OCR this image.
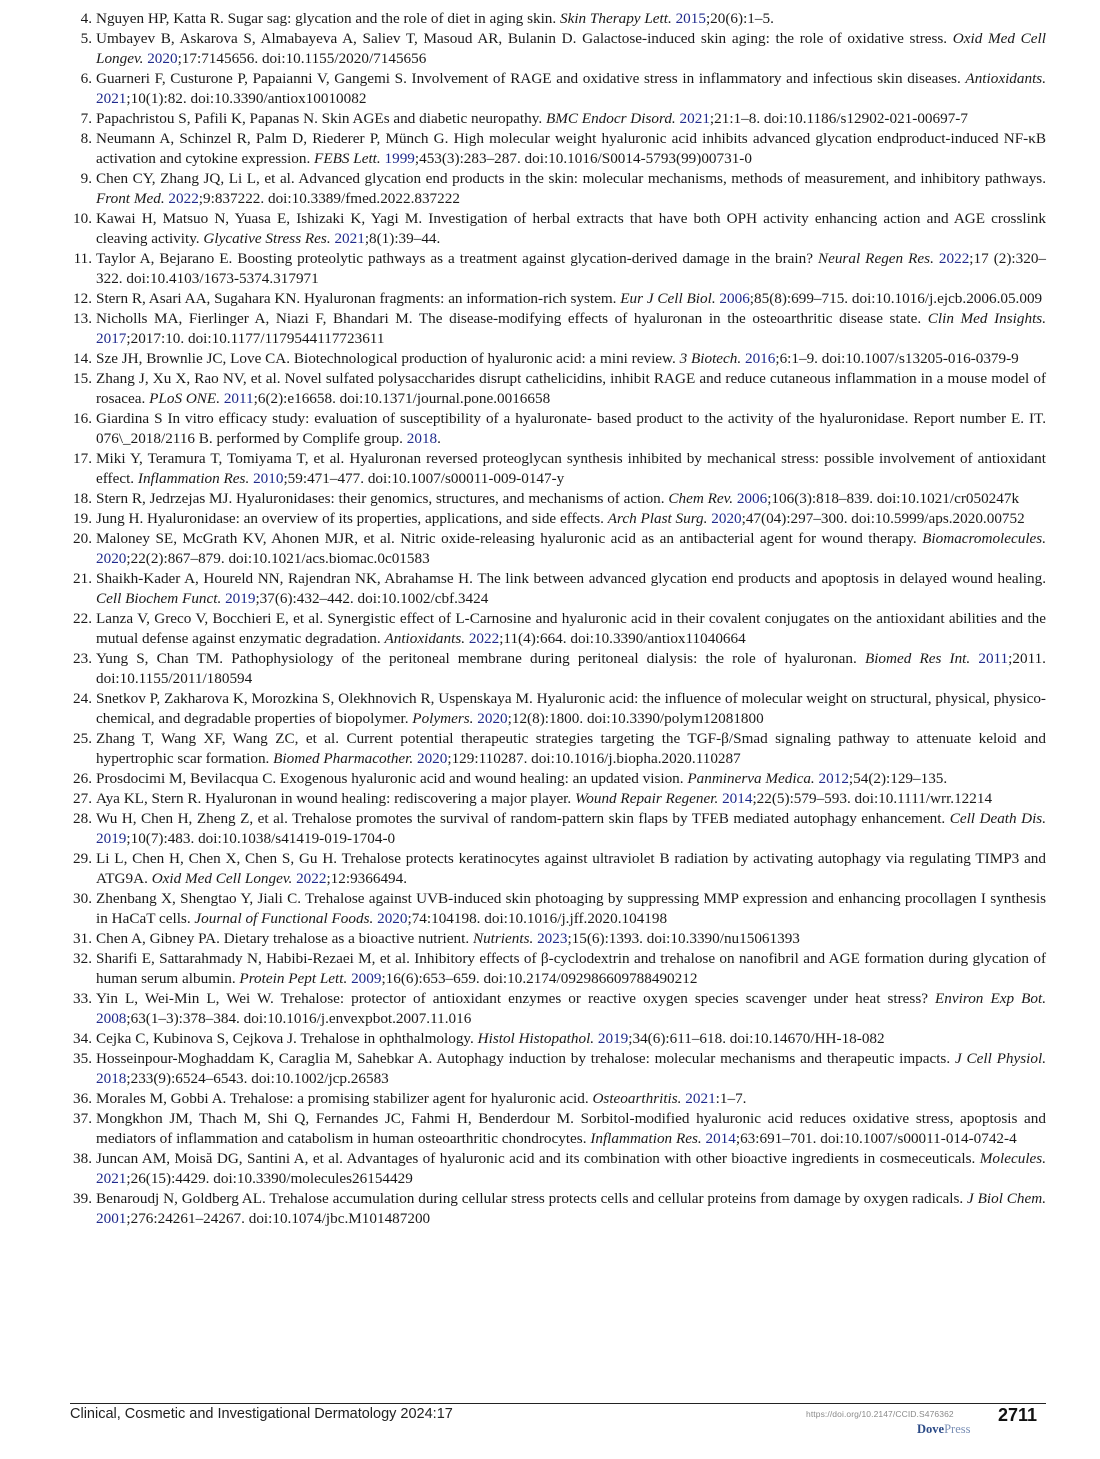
4. Nguyen HP, Katta R. Sugar sag: glycation and the role of diet in aging skin. Skin Therapy Lett. 2015;20(6):1–5.
5. Umbayev B, Askarova S, Almabayeva A, Saliev T, Masoud AR, Bulanin D. Galactose-induced skin aging: the role of oxidative stress. Oxid Med Cell Longev. 2020;17:7145656. doi:10.1155/2020/7145656
6. Guarneri F, Custurone P, Papaianni V, Gangemi S. Involvement of RAGE and oxidative stress in inflammatory and infectious skin diseases. Antioxidants. 2021;10(1):82. doi:10.3390/antiox10010082
7. Papachristou S, Pafili K, Papanas N. Skin AGEs and diabetic neuropathy. BMC Endocr Disord. 2021;21:1–8. doi:10.1186/s12902-021-00697-7
8. Neumann A, Schinzel R, Palm D, Riederer P, Münch G. High molecular weight hyaluronic acid inhibits advanced glycation endproduct-induced NF-κB activation and cytokine expression. FEBS Lett. 1999;453(3):283–287. doi:10.1016/S0014-5793(99)00731-0
9. Chen CY, Zhang JQ, Li L, et al. Advanced glycation end products in the skin: molecular mechanisms, methods of measurement, and inhibitory pathways. Front Med. 2022;9:837222. doi:10.3389/fmed.2022.837222
10. Kawai H, Matsuo N, Yuasa E, Ishizaki K, Yagi M. Investigation of herbal extracts that have both OPH activity enhancing action and AGE crosslink cleaving activity. Glycative Stress Res. 2021;8(1):39–44.
11. Taylor A, Bejarano E. Boosting proteolytic pathways as a treatment against glycation-derived damage in the brain? Neural Regen Res. 2022;17 (2):320–322. doi:10.4103/1673-5374.317971
12. Stern R, Asari AA, Sugahara KN. Hyaluronan fragments: an information-rich system. Eur J Cell Biol. 2006;85(8):699–715. doi:10.1016/j.ejcb.2006.05.009
13. Nicholls MA, Fierlinger A, Niazi F, Bhandari M. The disease-modifying effects of hyaluronan in the osteoarthritic disease state. Clin Med Insights. 2017;2017:10. doi:10.1177/1179544117723611
14. Sze JH, Brownlie JC, Love CA. Biotechnological production of hyaluronic acid: a mini review. 3 Biotech. 2016;6:1–9. doi:10.1007/s13205-016-0379-9
15. Zhang J, Xu X, Rao NV, et al. Novel sulfated polysaccharides disrupt cathelicidins, inhibit RAGE and reduce cutaneous inflammation in a mouse model of rosacea. PLoS ONE. 2011;6(2):e16658. doi:10.1371/journal.pone.0016658
16. Giardina S In vitro efficacy study: evaluation of susceptibility of a hyaluronate- based product to the activity of the hyaluronidase. Report number E. IT. 076\_2018/2116 B. performed by Complife group. 2018.
17. Miki Y, Teramura T, Tomiyama T, et al. Hyaluronan reversed proteoglycan synthesis inhibited by mechanical stress: possible involvement of antioxidant effect. Inflammation Res. 2010;59:471–477. doi:10.1007/s00011-009-0147-y
18. Stern R, Jedrzejas MJ. Hyaluronidases: their genomics, structures, and mechanisms of action. Chem Rev. 2006;106(3):818–839. doi:10.1021/cr050247k
19. Jung H. Hyaluronidase: an overview of its properties, applications, and side effects. Arch Plast Surg. 2020;47(04):297–300. doi:10.5999/aps.2020.00752
20. Maloney SE, McGrath KV, Ahonen MJR, et al. Nitric oxide-releasing hyaluronic acid as an antibacterial agent for wound therapy. Biomacromolecules. 2020;22(2):867–879. doi:10.1021/acs.biomac.0c01583
21. Shaikh-Kader A, Houreld NN, Rajendran NK, Abrahamse H. The link between advanced glycation end products and apoptosis in delayed wound healing. Cell Biochem Funct. 2019;37(6):432–442. doi:10.1002/cbf.3424
22. Lanza V, Greco V, Bocchieri E, et al. Synergistic effect of L-Carnosine and hyaluronic acid in their covalent conjugates on the antioxidant abilities and the mutual defense against enzymatic degradation. Antioxidants. 2022;11(4):664. doi:10.3390/antiox11040664
23. Yung S, Chan TM. Pathophysiology of the peritoneal membrane during peritoneal dialysis: the role of hyaluronan. Biomed Res Int. 2011;2011. doi:10.1155/2011/180594
24. Snetkov P, Zakharova K, Morozkina S, Olekhnovich R, Uspenskaya M. Hyaluronic acid: the influence of molecular weight on structural, physical, physico-chemical, and degradable properties of biopolymer. Polymers. 2020;12(8):1800. doi:10.3390/polym12081800
25. Zhang T, Wang XF, Wang ZC, et al. Current potential therapeutic strategies targeting the TGF-β/Smad signaling pathway to attenuate keloid and hypertrophic scar formation. Biomed Pharmacother. 2020;129:110287. doi:10.1016/j.biopha.2020.110287
26. Prosdocimi M, Bevilacqua C. Exogenous hyaluronic acid and wound healing: an updated vision. Panminerva Medica. 2012;54(2):129–135.
27. Aya KL, Stern R. Hyaluronan in wound healing: rediscovering a major player. Wound Repair Regener. 2014;22(5):579–593. doi:10.1111/wrr.12214
28. Wu H, Chen H, Zheng Z, et al. Trehalose promotes the survival of random-pattern skin flaps by TFEB mediated autophagy enhancement. Cell Death Dis. 2019;10(7):483. doi:10.1038/s41419-019-1704-0
29. Li L, Chen H, Chen X, Chen S, Gu H. Trehalose protects keratinocytes against ultraviolet B radiation by activating autophagy via regulating TIMP3 and ATG9A. Oxid Med Cell Longev. 2022;12:9366494.
30. Zhenbang X, Shengtao Y, Jiali C. Trehalose against UVB-induced skin photoaging by suppressing MMP expression and enhancing procollagen I synthesis in HaCaT cells. Journal of Functional Foods. 2020;74:104198. doi:10.1016/j.jff.2020.104198
31. Chen A, Gibney PA. Dietary trehalose as a bioactive nutrient. Nutrients. 2023;15(6):1393. doi:10.3390/nu15061393
32. Sharifi E, Sattarahmady N, Habibi-Rezaei M, et al. Inhibitory effects of β-cyclodextrin and trehalose on nanofibril and AGE formation during glycation of human serum albumin. Protein Pept Lett. 2009;16(6):653–659. doi:10.2174/092986609788490212
33. Yin L, Wei-Min L, Wei W. Trehalose: protector of antioxidant enzymes or reactive oxygen species scavenger under heat stress? Environ Exp Bot. 2008;63(1–3):378–384. doi:10.1016/j.envexpbot.2007.11.016
34. Cejka C, Kubinova S, Cejkova J. Trehalose in ophthalmology. Histol Histopathol. 2019;34(6):611–618. doi:10.14670/HH-18-082
35. Hosseinpour-Moghaddam K, Caraglia M, Sahebkar A. Autophagy induction by trehalose: molecular mechanisms and therapeutic impacts. J Cell Physiol. 2018;233(9):6524–6543. doi:10.1002/jcp.26583
36. Morales M, Gobbi A. Trehalose: a promising stabilizer agent for hyaluronic acid. Osteoarthritis. 2021:1–7.
37. Mongkhon JM, Thach M, Shi Q, Fernandes JC, Fahmi H, Benderdour M. Sorbitol-modified hyaluronic acid reduces oxidative stress, apoptosis and mediators of inflammation and catabolism in human osteoarthritic chondrocytes. Inflammation Res. 2014;63:691–701. doi:10.1007/s00011-014-0742-4
38. Juncan AM, Moisă DG, Santini A, et al. Advantages of hyaluronic acid and its combination with other bioactive ingredients in cosmeceuticals. Molecules. 2021;26(15):4429. doi:10.3390/molecules26154429
39. Benaroudj N, Goldberg AL. Trehalose accumulation during cellular stress protects cells and cellular proteins from damage by oxygen radicals. J Biol Chem. 2001;276:24261–24267. doi:10.1074/jbc.M101487200
Clinical, Cosmetic and Investigational Dermatology 2024:17	https://doi.org/10.2147/CCID.S476362 2711
DovePress
